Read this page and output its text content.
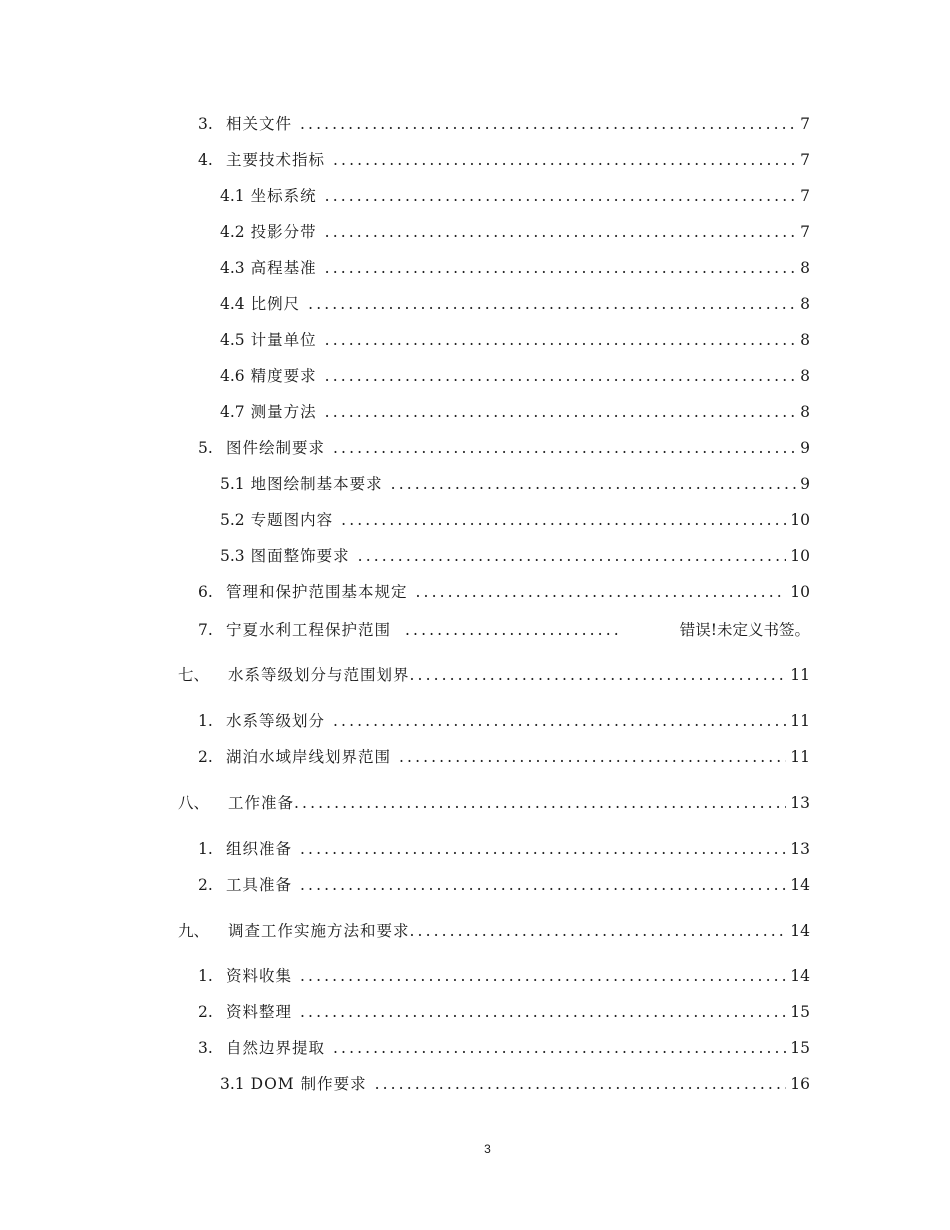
3. 相关文件 .....	7
4. 主要技术指标 .....	7
4.1 坐标系统 .....	7
4.2 投影分带 .....	7
4.3 高程基准 .....	8
4.4 比例尺 .....	8
4.5 计量单位 .....	8
4.6 精度要求 .....	8
4.7 测量方法 .....	8
5. 图件绘制要求 .....	9
5.1 地图绘制基本要求 .....	9
5.2 专题图内容 .....	10
5.3 图面整饰要求 .....	10
6. 管理和保护范围基本规定 .....	10
7. 宁夏水利工程保护范围 .....	错误!未定义书签。
七、	水系等级划分与范围划界 .....	11
1. 水系等级划分 .....	11
2. 湖泊水域岸线划界范围 .....	11
八、	工作准备 .....	13
1. 组织准备 .....	13
2. 工具准备 .....	14
九、	调查工作实施方法和要求 .....	14
1. 资料收集 .....	14
2. 资料整理 .....	15
3. 自然边界提取 .....	15
3.1 DOM 制作要求 .....	16
3
